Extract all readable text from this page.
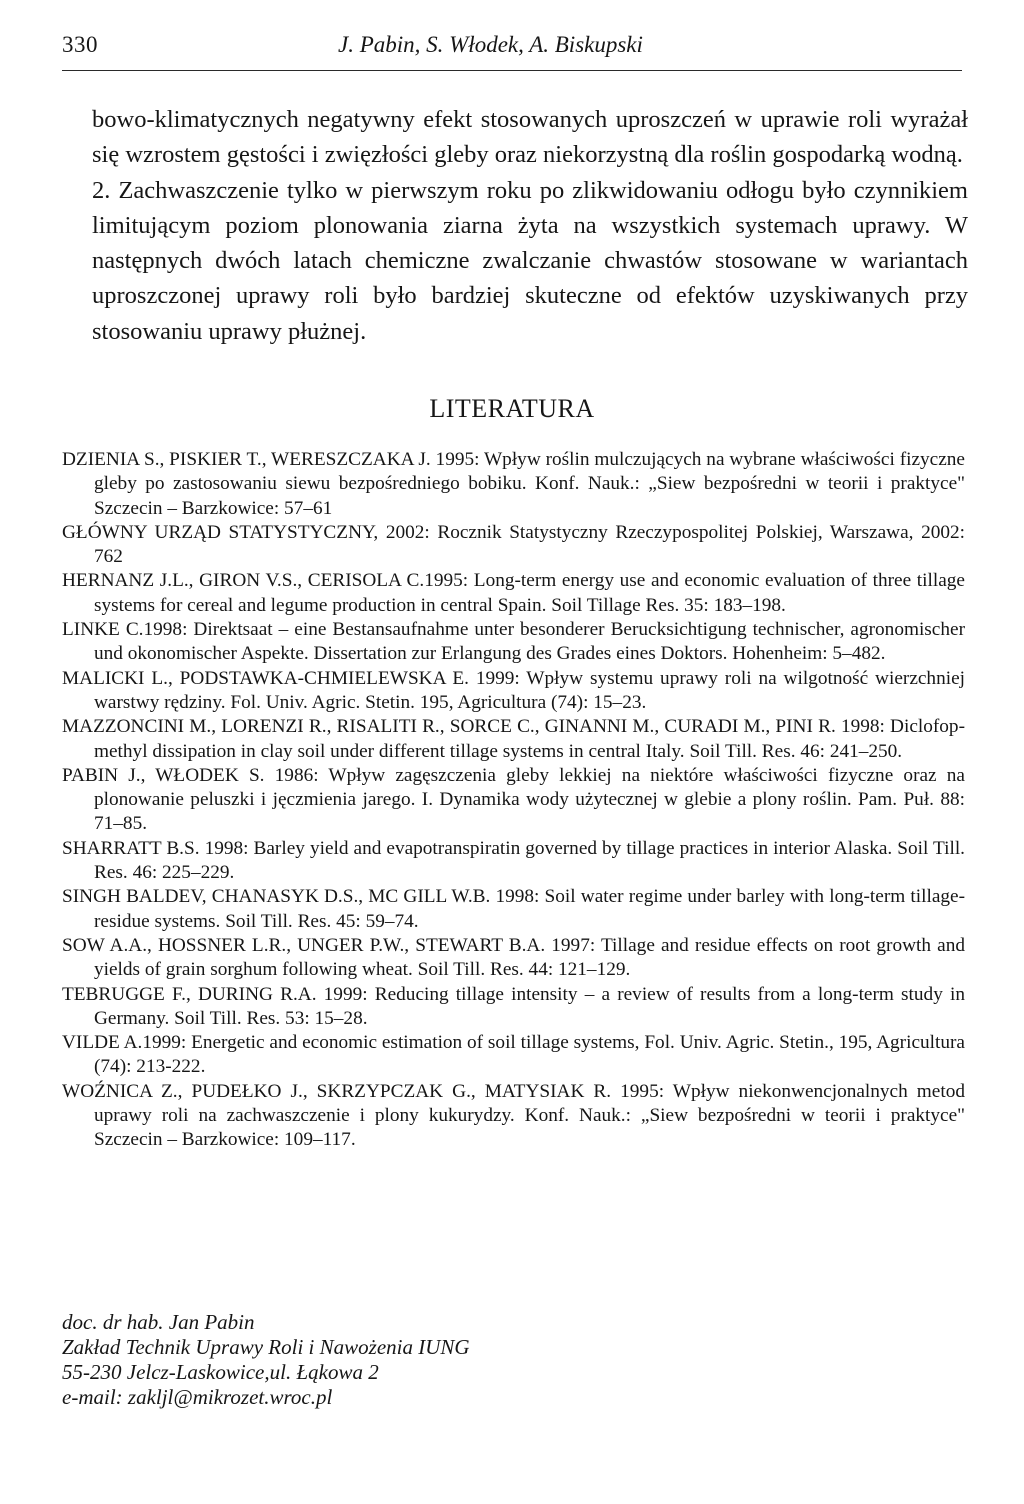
330	J. Pabin, S. Włodek, A. Biskupski

bowo-klimatycznych negatywny efekt stosowanych uproszczeń w uprawie roli wyrażał się wzrostem gęstości i zwięzłości gleby oraz niekorzystną dla roślin gospodarką wodną.

2. Zachwaszczenie tylko w pierwszym roku po zlikwidowaniu odłogu było czynnikiem limitującym poziom plonowania ziarna żyta na wszystkich systemach uprawy. W następnych dwóch latach chemiczne zwalczanie chwastów stosowane w wariantach uproszczonej uprawy roli było bardziej skuteczne od efektów uzyskiwanych przy stosowaniu uprawy płużnej.

LITERATURA

DZIENIA S., PISKIER T., WERESZCZAKA J. 1995: Wpływ roślin mulczujących na wybrane właściwości fizyczne gleby po zastosowaniu siewu bezpośredniego bobiku. Konf. Nauk.: „Siew bezpośredni w teorii i praktyce" Szczecin – Barzkowice: 57–61

GŁÓWNY URZĄD STATYSTYCZNY, 2002: Rocznik Statystyczny Rzeczypospolitej Polskiej, Warszawa, 2002: 762

HERNANZ J.L., GIRON V.S., CERISOLA C.1995: Long-term energy use and economic evaluation of three tillage systems for cereal and legume production in central Spain. Soil Tillage Res. 35: 183–198.

LINKE C.1998: Direktsaat – eine Bestansaufnahme unter besonderer Berucksichtigung technischer, agronomischer und okonomischer Aspekte. Dissertation zur Erlangung des Grades eines Doktors. Hohenheim: 5–482.

MALICKI L., PODSTAWKA-CHMIELEWSKA E. 1999: Wpływ systemu uprawy roli na wilgotność wierzchniej warstwy rędziny. Fol. Univ. Agric. Stetin. 195, Agricultura (74): 15–23.

MAZZONCINI M., LORENZI R., RISALITI R., SORCE C., GINANNI M., CURADI M., PINI R. 1998: Diclofop-methyl dissipation in clay soil under different tillage systems in central Italy. Soil Till. Res. 46: 241–250.

PABIN J., WŁODEK S. 1986: Wpływ zagęszczenia gleby lekkiej na niektóre właściwości fizyczne oraz na plonowanie peluszki i jęczmienia jarego. I. Dynamika wody użytecznej w glebie a plony roślin. Pam. Puł. 88: 71–85.

SHARRATT B.S. 1998: Barley yield and evapotranspiratin governed by tillage practices in interior Alaska. Soil Till. Res. 46: 225–229.

SINGH BALDEV, CHANASYK D.S., MC GILL W.B. 1998: Soil water regime under barley with long-term tillage-residue systems. Soil Till. Res. 45: 59–74.

SOW A.A., HOSSNER L.R., UNGER P.W., STEWART B.A. 1997: Tillage and residue effects on root growth and yields of grain sorghum following wheat. Soil Till. Res. 44: 121–129.

TEBRUGGE F., DURING R.A. 1999: Reducing tillage intensity – a review of results from a long-term study in Germany. Soil Till. Res. 53: 15–28.

VILDE A.1999: Energetic and economic estimation of soil tillage systems, Fol. Univ. Agric. Stetin., 195, Agricultura (74): 213-222.

WOŹNICA Z., PUDEŁKO J., SKRZYPCZAK G., MATYSIAK R. 1995: Wpływ niekonwencjonalnych metod uprawy roli na zachwaszczenie i plony kukurydzy. Konf. Nauk.: „Siew bezpośredni w teorii i praktyce" Szczecin – Barzkowice: 109–117.

doc. dr hab. Jan Pabin
Zakład Technik Uprawy Roli i Nawożenia IUNG
55-230 Jelcz-Laskowice,ul. Łąkowa 2
e-mail: zakljl@mikrozet.wroc.pl
